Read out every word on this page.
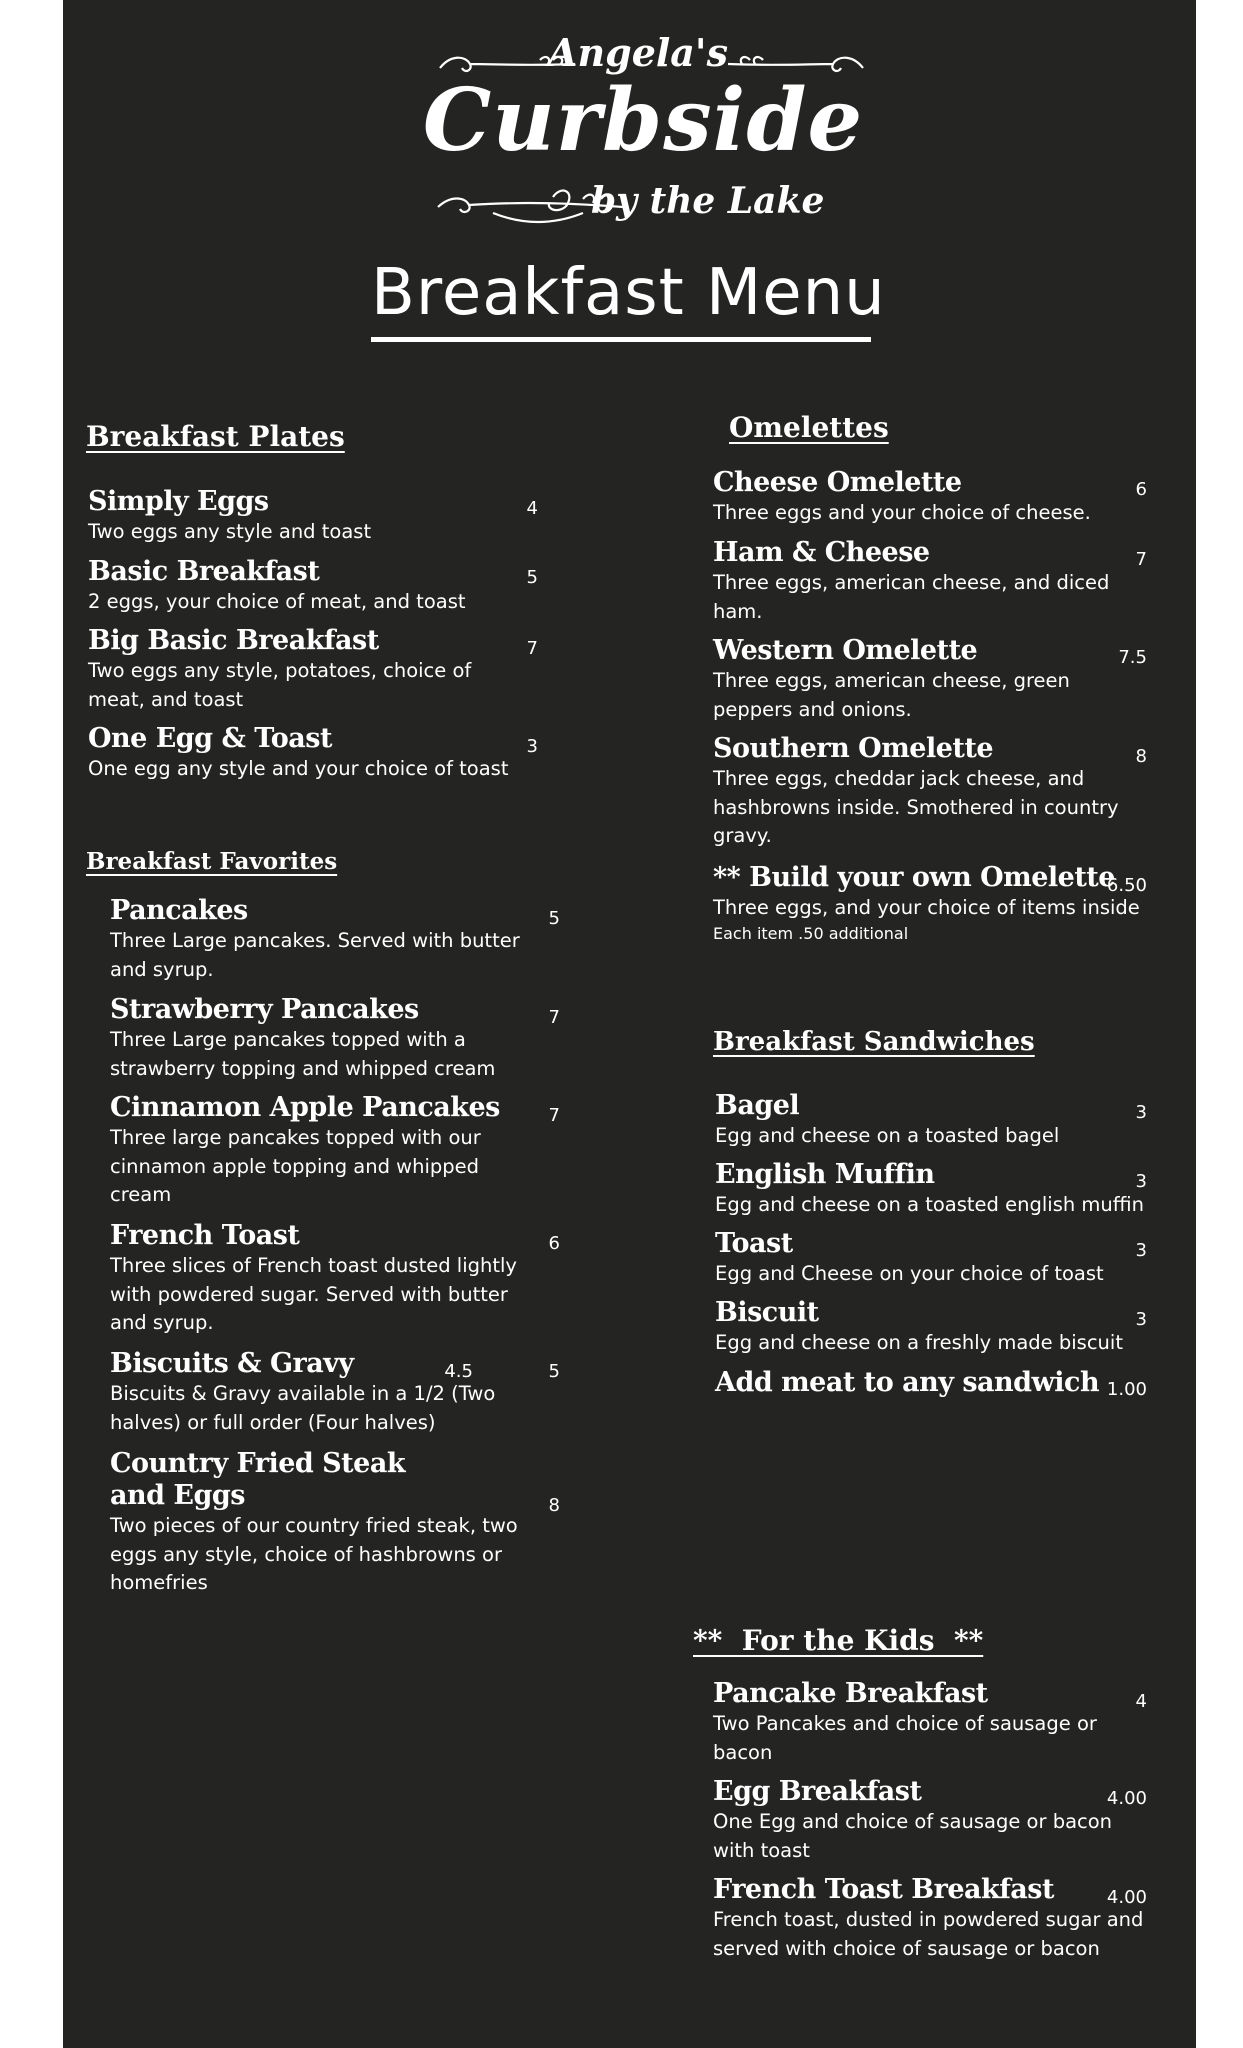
Angela's
Curbside
by the Lake
Breakfast Menu
Breakfast Plates
Simply Eggs
Two eggs any style and toast
4
Basic Breakfast
2 eggs, your choice of meat, and toast
5
Big Basic Breakfast
Two eggs any style, potatoes, choice of meat, and toast
7
One Egg & Toast
One egg any style and your choice of toast
3
Breakfast Favorites
Pancakes
Three Large pancakes. Served with butter and syrup.
5
Strawberry Pancakes
Three Large pancakes topped with a strawberry topping and whipped cream
7
Cinnamon Apple Pancakes
Three large pancakes topped with our cinnamon apple topping and whipped cream
7
French Toast
Three slices of French toast dusted lightly with powdered sugar. Served with butter and syrup.
6
Biscuits & Gravy
Biscuits & Gravy available in a 1/2 (Two halves) or full order (Four halves)
4.5	5
Country Fried Steak and Eggs
Two pieces of our country fried steak, two eggs any style, choice of hashbrowns or homefries
8
Omelettes
Cheese Omelette
Three eggs and your choice of cheese.
6
Ham & Cheese
Three eggs, american cheese, and diced ham.
7
Western Omelette
Three eggs, american cheese, green peppers and onions.
7.5
Southern Omelette
Three eggs, cheddar jack cheese, and hashbrowns inside. Smothered in country gravy.
8
** Build your own Omelette
Three eggs, and your choice of items inside
Each item .50 additional
6.50
Breakfast Sandwiches
Bagel
Egg and cheese on a toasted bagel
3
English Muffin
Egg and cheese on a toasted english muffin
3
Toast
Egg and Cheese on your choice of toast
3
Biscuit
Egg and cheese on a freshly made biscuit
3
Add meat to any sandwich 1.00
**  For the Kids  **
Pancake Breakfast
Two Pancakes and choice of sausage or bacon
4
Egg Breakfast
One Egg and choice of sausage or bacon with toast
4.00
French Toast Breakfast
French toast, dusted in powdered sugar and served with choice of sausage or bacon
4.00
